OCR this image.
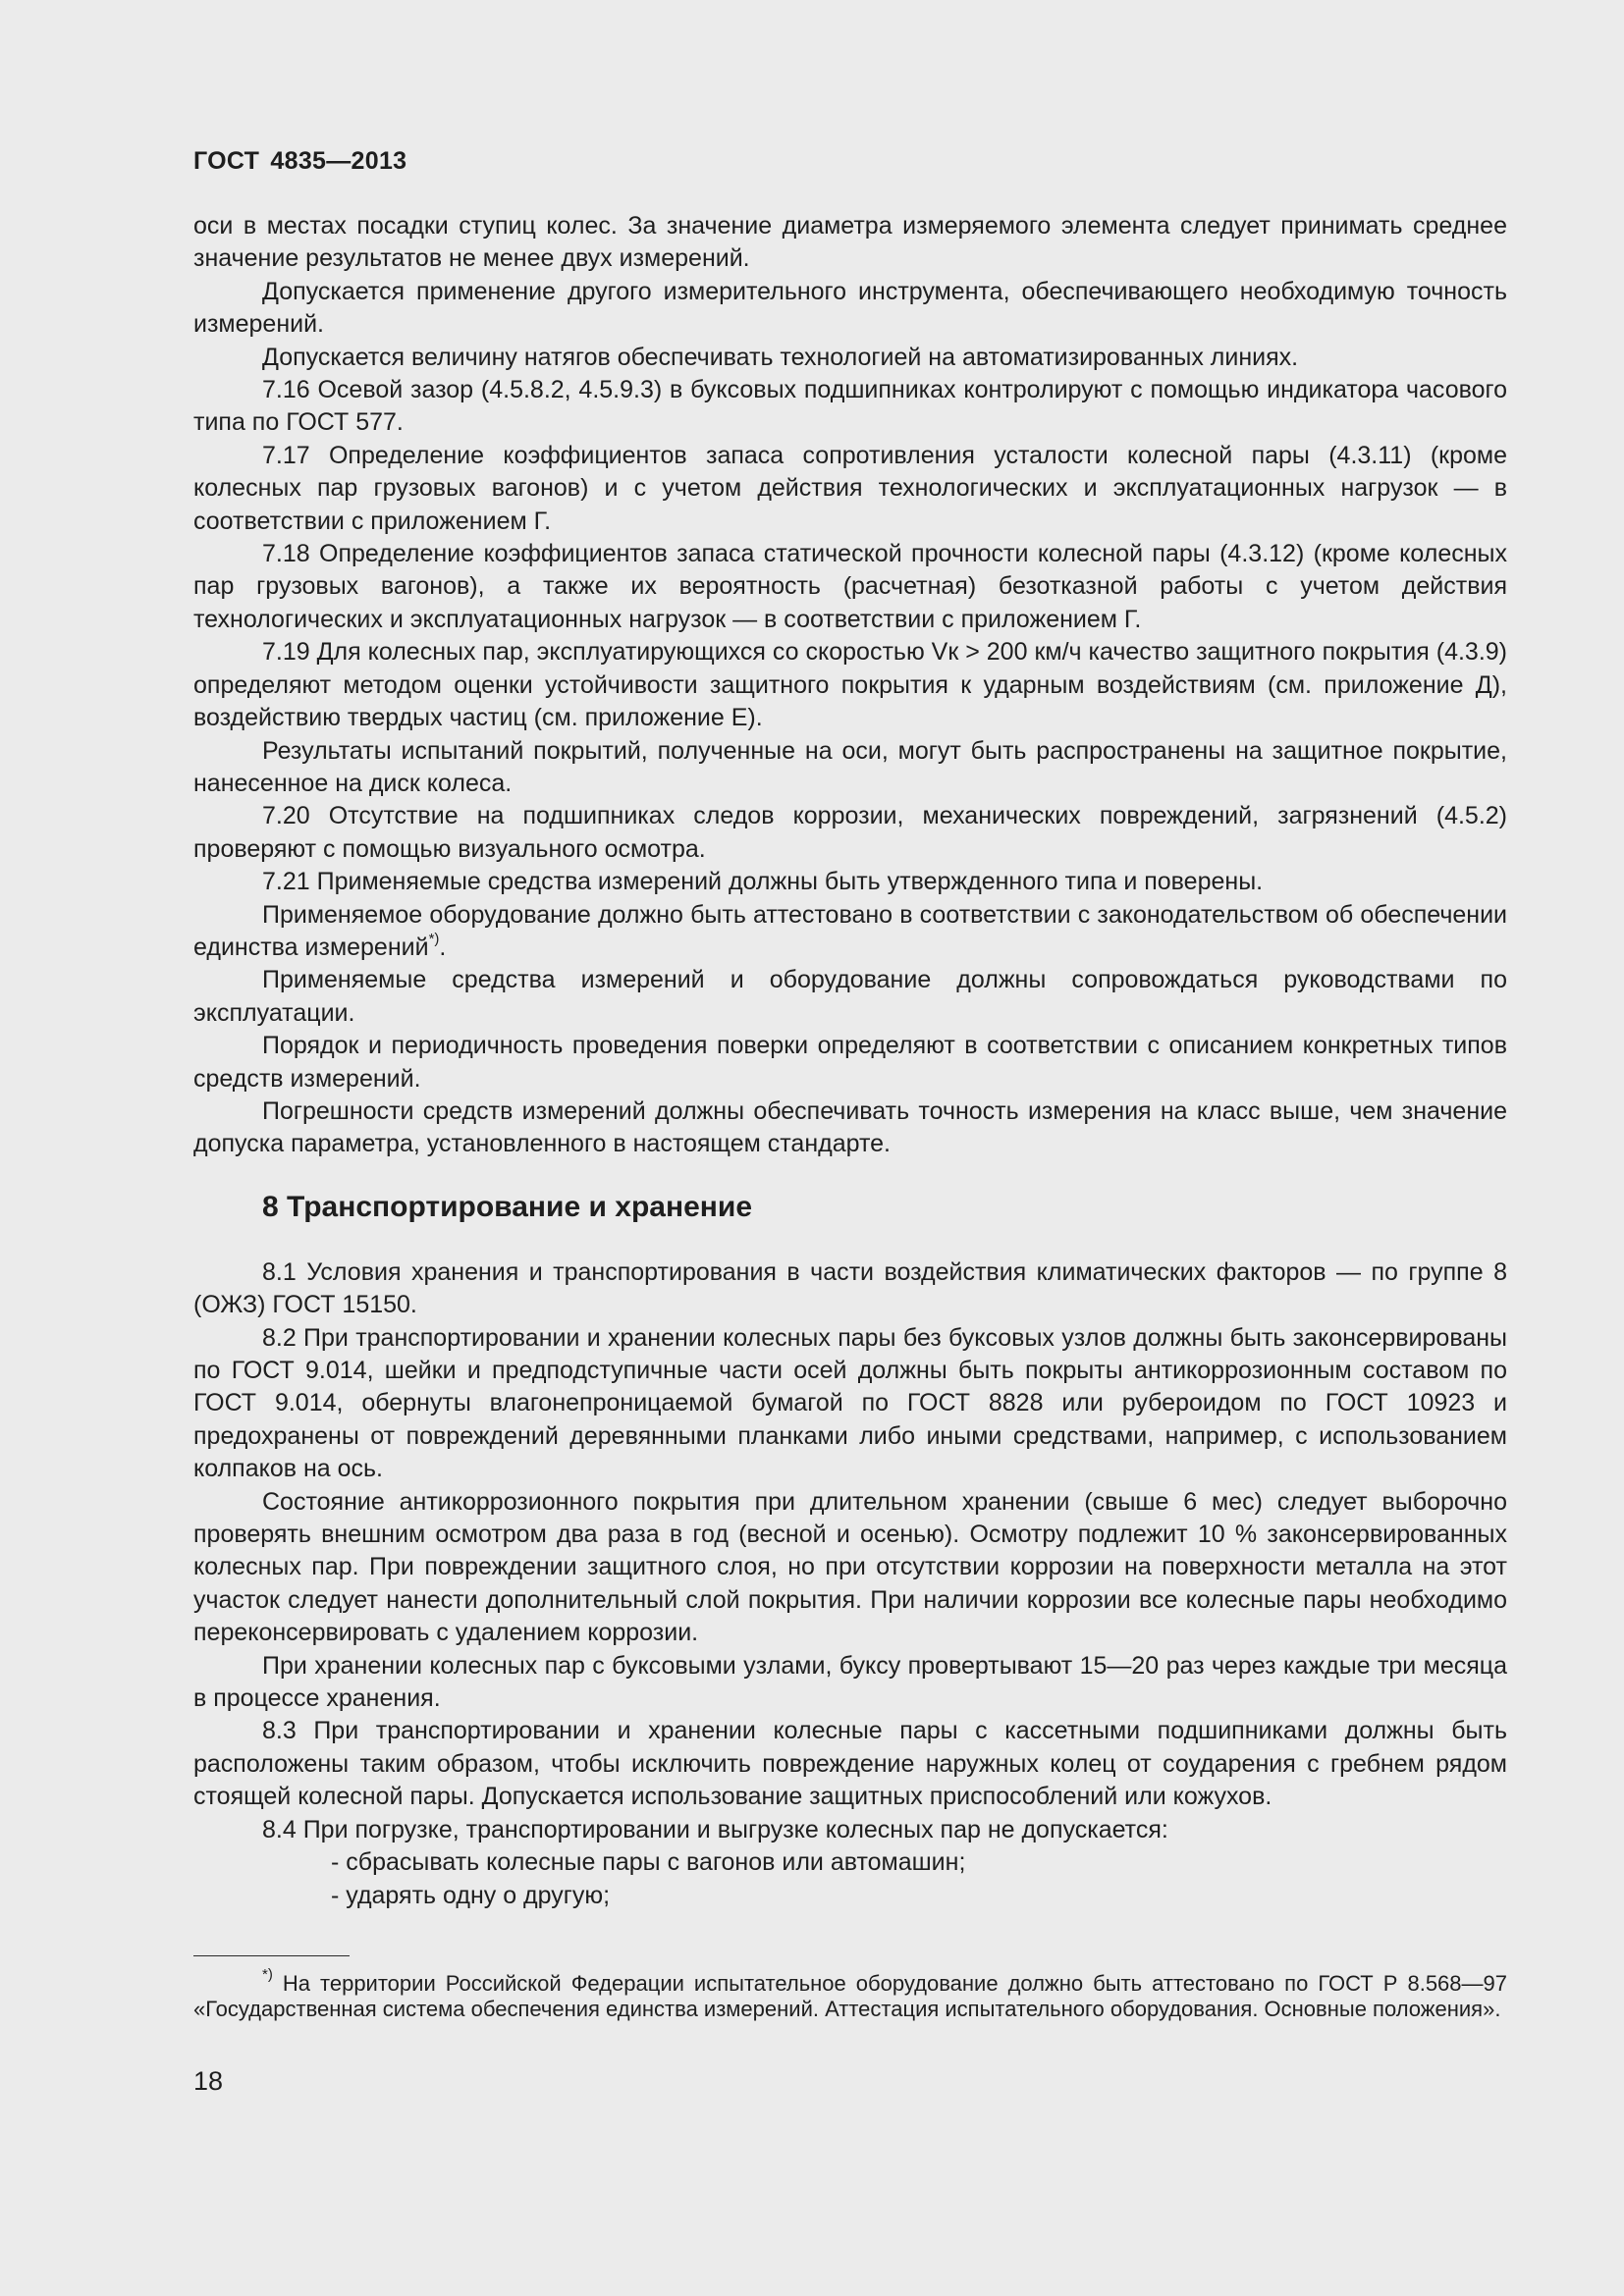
ГОСТ 4835—2013

оси в местах посадки ступиц колес. За значение диаметра измеряемого элемента следует принимать среднее значение результатов не менее двух измерений.

Допускается применение другого измерительного инструмента, обеспечивающего необходимую точность измерений.

Допускается величину натягов обеспечивать технологией на автоматизированных линиях.

7.16 Осевой зазор (4.5.8.2, 4.5.9.3) в буксовых подшипниках контролируют с помощью индикатора часового типа по ГОСТ 577.

7.17 Определение коэффициентов запаса сопротивления усталости колесной пары (4.3.11) (кроме колесных пар грузовых вагонов) и с учетом действия технологических и эксплуатационных нагрузок — в соответствии с приложением Г.

7.18 Определение коэффициентов запаса статической прочности колесной пары (4.3.12) (кроме колесных пар грузовых вагонов), а также их вероятность (расчетная) безотказной работы с учетом действия технологических и эксплуатационных нагрузок — в соответствии с приложением Г.

7.19 Для колесных пар, эксплуатирующихся со скоростью Vк > 200 км/ч качество защитного покрытия (4.3.9) определяют методом оценки устойчивости защитного покрытия к ударным воздействиям (см. приложение Д), воздействию твердых частиц (см. приложение Е).

Результаты испытаний покрытий, полученные на оси, могут быть распространены на защитное покрытие, нанесенное на диск колеса.

7.20 Отсутствие на подшипниках следов коррозии, механических повреждений, загрязнений (4.5.2) проверяют с помощью визуального осмотра.

7.21 Применяемые средства измерений должны быть утвержденного типа и поверены.

Применяемое оборудование должно быть аттестовано в соответствии с законодательством об обеспечении единства измерений*).

Применяемые средства измерений и оборудование должны сопровождаться руководствами по эксплуатации.

Порядок и периодичность проведения поверки определяют в соответствии с описанием конкретных типов средств измерений.

Погрешности средств измерений должны обеспечивать точность измерения на класс выше, чем значение допуска параметра, установленного в настоящем стандарте.

8 Транспортирование и хранение

8.1 Условия хранения и транспортирования в части воздействия климатических факторов — по группе 8 (ОЖЗ) ГОСТ 15150.

8.2 При транспортировании и хранении колесных пары без буксовых узлов должны быть законсервированы по ГОСТ 9.014, шейки и предподступичные части осей должны быть покрыты антикоррозионным составом по ГОСТ 9.014, обернуты влагонепроницаемой бумагой по ГОСТ 8828 или рубероидом по ГОСТ 10923 и предохранены от повреждений деревянными планками либо иными средствами, например, с использованием колпаков на ось.

Состояние антикоррозионного покрытия при длительном хранении (свыше 6 мес) следует выборочно проверять внешним осмотром два раза в год (весной и осенью). Осмотру подлежит 10 % законсервированных колесных пар. При повреждении защитного слоя, но при отсутствии коррозии на поверхности металла на этот участок следует нанести дополнительный слой покрытия. При наличии коррозии все колесные пары необходимо переконсервировать с удалением коррозии.

При хранении колесных пар с буксовыми узлами, буксу провертывают 15—20 раз через каждые три месяца в процессе хранения.

8.3 При транспортировании и хранении колесные пары с кассетными подшипниками должны быть расположены таким образом, чтобы исключить повреждение наружных колец от соударения с гребнем рядом стоящей колесной пары. Допускается использование защитных приспособлений или кожухов.

8.4 При погрузке, транспортировании и выгрузке колесных пар не допускается:

- сбрасывать колесные пары с вагонов или автомашин;

- ударять одну о другую;

*) На территории Российской Федерации испытательное оборудование должно быть аттестовано по ГОСТ Р 8.568—97 «Государственная система обеспечения единства измерений. Аттестация испытательного оборудования. Основные положения».

18
